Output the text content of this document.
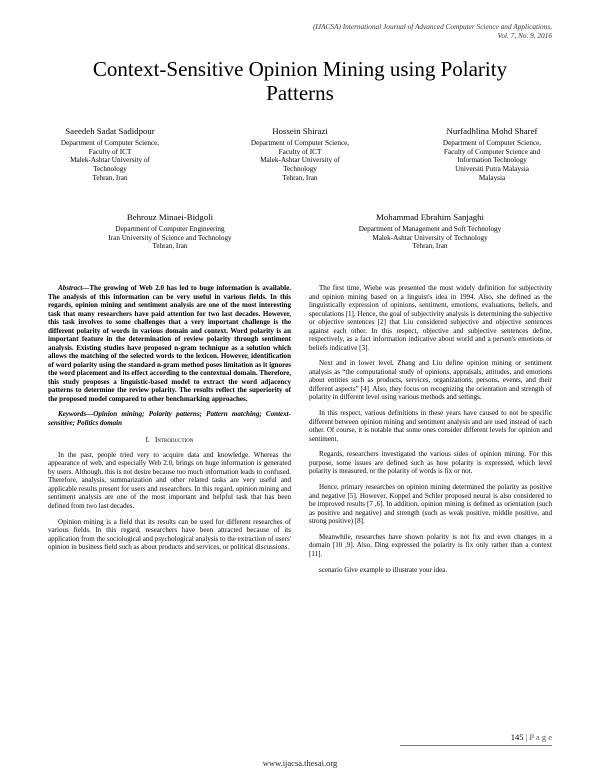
(IJACSA) International Journal of Advanced Computer Science and Applications,
Vol. 7, No. 9, 2016
Context-Sensitive Opinion Mining using Polarity
Patterns
Saeedeh Sadat Sadidpour
Department of Computer Science,
Faculty of ICT
Malek-Ashtar University of
Technology
Tehran, Iran
Hossein Shirazi
Department of Computer Science,
Faculty of ICT
Malek-Ashtar University of
Technology
Tehran, Iran
Nurfadhlina Mohd Sharef
Department of Computer Science,
Faculty of Computer Science and
Information Technology
Universiti Putra Malaysia
Malaysia
Behrouz Minaei-Bidgoli
Department of Computer Engineering
Iran University of Science and Technology
Tehran, Iran
Mohammad Ebrahim Sanjaghi
Department of Management and Soft Technology
Malek-Ashtar University of Technology
Tehran, Iran

Abstract—The growing of Web 2.0 has led to huge information is available. The analysis of this information can be very useful in various fields. In this regards, opinion mining and sentiment analysis are one of the most interesting task that many researchers have paid attention for two last decades. However, this task involves to some challenges that a very important challenge is the different polarity of words in various domain and context. Word polarity is an important feature in the determination of review polarity through sentiment analysis. Existing studies have proposed n-gram technique as a solution which allows the matching of the selected words to the lexicon. However, identification of word polarity using the standard n-gram method poses limitation as it ignores the word placement and its effect according to the contextual domain. Therefore, this study proposes a linguistic-based model to extract the word adjacency patterns to determine the review polarity. The results reflect the superiority of the proposed model compared to other benchmarking approaches.

Keywords—Opinion mining; Polarity patterns; Pattern matching; Context-sensitive; Politics domain

I. Introduction

In the past, people tried very to acquire data and knowledge. Whereas the appearance of web, and especially Web 2.0, brings on huge information is generated by users. Although, this is not desire because too much information leads to confused. Therefore, analysis, summarization and other related tasks are very useful and applicable results present for users and researchers. In this regard, opinion mining and sentiment analysis are one of the most important and helpful task that has been defined from two last decades.

Opinion mining is a field that its results can be used for different researches of various fields. In this regard, researchers have been attracted because of its application from the sociological and psychological analysis to the extraction of users' opinion in business field such as about products and services, or political discussions.

The first time, Wiebe was presented the most widely definition for subjectivity and opinion mining based on a linguist's idea in 1994. Also, she defined as the linguistically expression of opinions, sentiment, emotions, evaluations, beliefs, and speculations [1]. Hence, the goal of subjectivity analysis is determining the subjective or objective sentences [2] that Liu considered subjective and objective sentences against each other. In this respect, objective and subjective sentences define, respectively, as a fact information indicative about world and a person's emotions or beliefs indicative [3].

Next and in lower level, Zhang and Liu define opinion mining or sentiment analysis as “the computational study of opinions, appraisals, attitudes, and emotions about entities such as products, services, organizations, persons, events, and their different aspects” [4]. Also, they focus on recognizing the orientation and strength of polarity in different level using various methods and settings.

In this respect, various definitions in these years have caused to not be specific different between opinion mining and sentiment analysis and are used instead of each other. Of course, it is notable that some ones consider different levels for opinion and sentiment.

Regards, researchers investigated the various sides of opinion mining. For this purpose, some issues are defined such as how polarity is expressed, which level polarity is measured, or the polarity of words is fix or not.

Hence, primary researches on opinion mining determined the polarity as positive and negative [5]. However, Koppel and Schler proposed neural is also considered to be improved results [7 ,6]. In addition, opinion mining is defined as orientation (such as positive and negative) and strength (such as weak positive, middle positive, and strong positive) [8].

Meanwhile, researches have shown polarity is not fix and even changes in a domain [10 ,9]. Also, Ding expressed the polarity is fix only rather than a context [11].

scenario Give example to illustrate your idea.

145 | P a g e
www.ijacsa.thesai.org
